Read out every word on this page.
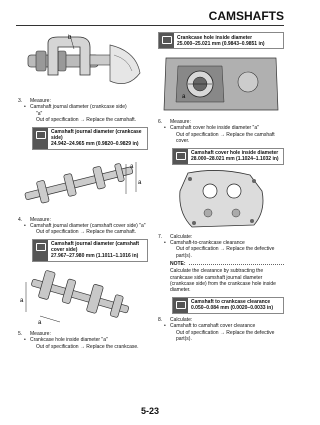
CAMSHAFTS
b
3. Measure:
• Camshaft journal diameter (crankcase side)
"a"
Out of specification → Replace the camshaft.
Camshaft journal diameter (crankcase side)
24.942–24.965 mm (0.9820–0.9829 in)
a
a
4. Measure:
• Camshaft journal diameter (camshaft cover side) "a"
Out of specification → Replace the camshaft.
Camshaft journal diameter (camshaft cover side)
27.967–27.980 mm (1.1011–1.1016 in)
a
a
5. Measure:
• Crankcase hole inside diameter "a"
Out of specification → Replace the crankcase.
Crankcase hole inside diameter
25.000–25.021 mm (0.9843–0.9851 in)
a
6. Measure:
• Camshaft cover hole inside diameter "a"
Out of specification → Replace the camshaft cover.
Camshaft cover hole inside diameter
28.000–28.021 mm (1.1024–1.1032 in)
7. Calculate:
• Camshaft-to-crankcase clearance
Out of specification → Replace the defective part(s).
NOTE:
Calculate the clearance by subtracting the crankcase side camshaft journal diameter (crankcase side) from the crankcase hole inside diameter.
Camshaft to crankcase clearance
0.050–0.084 mm (0.0020–0.0033 in)
8. Calculate:
• Camshaft to camshaft cover clearance
Out of specification → Replace the defective part(s).
5-23
